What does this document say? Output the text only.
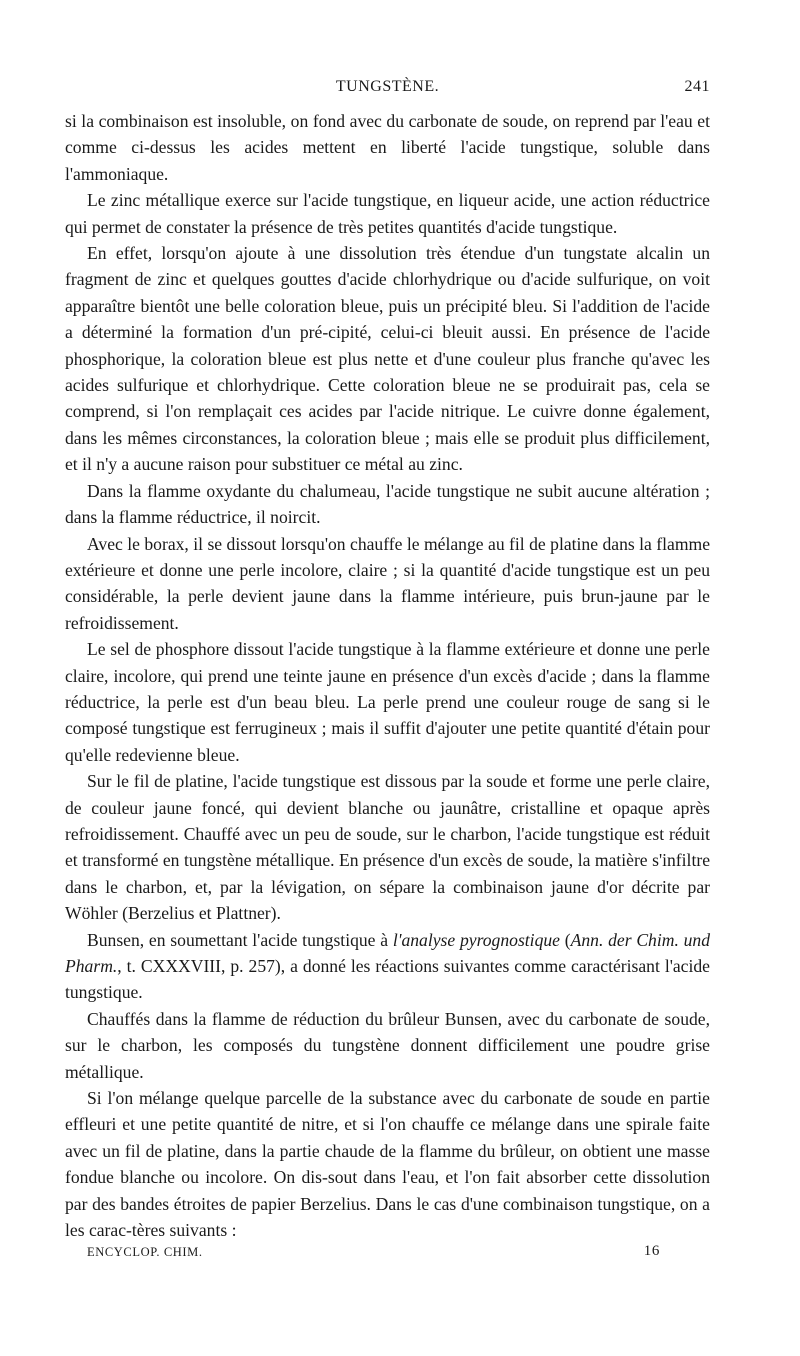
TUNGSTÈNE.	241

si la combinaison est insoluble, on fond avec du carbonate de soude, on reprend par l'eau et comme ci-dessus les acides mettent en liberté l'acide tungstique, soluble dans l'ammoniaque.

Le zinc métallique exerce sur l'acide tungstique, en liqueur acide, une action réductrice qui permet de constater la présence de très petites quantités d'acide tungstique.

En effet, lorsqu'on ajoute à une dissolution très étendue d'un tungstate alcalin un fragment de zinc et quelques gouttes d'acide chlorhydrique ou d'acide sulfurique, on voit apparaître bientôt une belle coloration bleue, puis un précipité bleu. Si l'addition de l'acide a déterminé la formation d'un pré-cipité, celui-ci bleuit aussi. En présence de l'acide phosphorique, la coloration bleue est plus nette et d'une couleur plus franche qu'avec les acides sulfurique et chlorhydrique. Cette coloration bleue ne se produirait pas, cela se comprend, si l'on remplaçait ces acides par l'acide nitrique. Le cuivre donne également, dans les mêmes circonstances, la coloration bleue ; mais elle se produit plus difficilement, et il n'y a aucune raison pour substituer ce métal au zinc.

Dans la flamme oxydante du chalumeau, l'acide tungstique ne subit aucune altération ; dans la flamme réductrice, il noircit.

Avec le borax, il se dissout lorsqu'on chauffe le mélange au fil de platine dans la flamme extérieure et donne une perle incolore, claire ; si la quantité d'acide tungstique est un peu considérable, la perle devient jaune dans la flamme intérieure, puis brun-jaune par le refroidissement.

Le sel de phosphore dissout l'acide tungstique à la flamme extérieure et donne une perle claire, incolore, qui prend une teinte jaune en présence d'un excès d'acide ; dans la flamme réductrice, la perle est d'un beau bleu. La perle prend une couleur rouge de sang si le composé tungstique est ferrugineux ; mais il suffit d'ajouter une petite quantité d'étain pour qu'elle redevienne bleue.

Sur le fil de platine, l'acide tungstique est dissous par la soude et forme une perle claire, de couleur jaune foncé, qui devient blanche ou jaunâtre, cristalline et opaque après refroidissement. Chauffé avec un peu de soude, sur le charbon, l'acide tungstique est réduit et transformé en tungstène métallique. En présence d'un excès de soude, la matière s'infiltre dans le charbon, et, par la lévigation, on sépare la combinaison jaune d'or décrite par Wöhler (Berzelius et Plattner).

Bunsen, en soumettant l'acide tungstique à l'analyse pyrognostique (Ann. der Chim. und Pharm., t. CXXXVIII, p. 257), a donné les réactions suivantes comme caractérisant l'acide tungstique.

Chauffés dans la flamme de réduction du brûleur Bunsen, avec du carbonate de soude, sur le charbon, les composés du tungstène donnent difficilement une poudre grise métallique.

Si l'on mélange quelque parcelle de la substance avec du carbonate de soude en partie effleuri et une petite quantité de nitre, et si l'on chauffe ce mélange dans une spirale faite avec un fil de platine, dans la partie chaude de la flamme du brûleur, on obtient une masse fondue blanche ou incolore. On dis-sout dans l'eau, et l'on fait absorber cette dissolution par des bandes étroites de papier Berzelius. Dans le cas d'une combinaison tungstique, on a les carac-tères suivants :

ENCYCLOP. CHIM.	16
